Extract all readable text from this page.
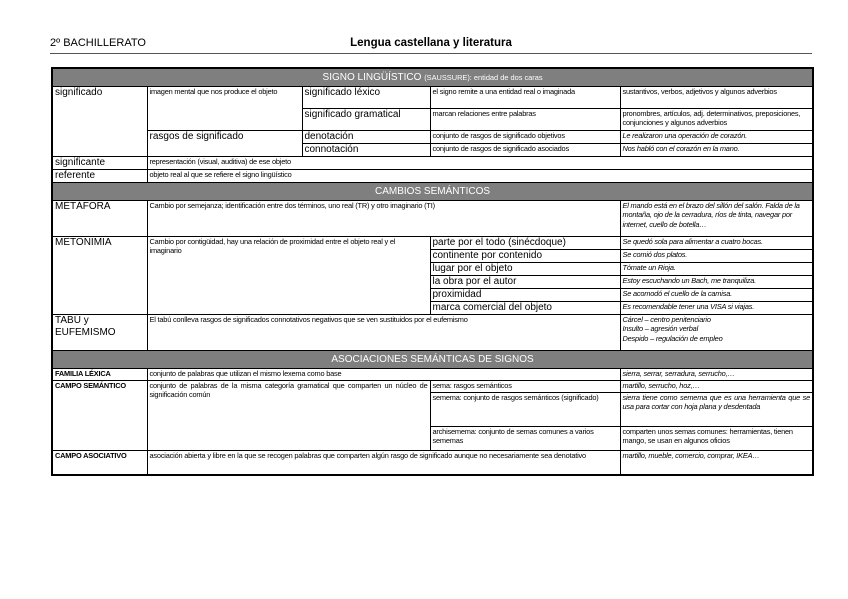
2º BACHILLERATO	Lengua castellana y literatura
SIGNO LINGÜÍSTICO (SAUSSURE): entidad de dos caras				
significado	imagen mental que nos produce el objeto	significado léxico	el signo remite a una entidad real o imaginada	sustantivos, verbos, adjetivos y algunos adverbios
		significado gramatical	marcan relaciones entre palabras	pronombres, artículos, adj. determinativos, preposiciones, conjunciones y algunos adverbios
	rasgos de significado	denotación	conjunto de rasgos de significado objetivos	Le realizaron una operación de corazón.
		connotación	conjunto de rasgos de significado asociados	Nos habló con el corazón en la mano.
significante	representación (visual, auditiva) de ese objeto			
referente	objeto real al que se refiere el signo lingüístico			
CAMBIOS SEMÁNTICOS				
METÁFORA	Cambio por semejanza; identificación entre dos términos, uno real (TR) y otro imaginario (TI)			El mando está en el brazo del sillón del salón. Falda de la montaña, ojo de la cerradura, ríos de tinta, navegar por internet, cuello de botella…
METONIMIA	Cambio por contigüidad, hay una relación de proximidad entre el objeto real y el imaginario		parte por el todo (sinécdoque)	Se quedó sola para alimentar a cuatro bocas.
			continente por contenido	Se comió dos platos.
			lugar por el objeto	Tómate un Rioja.
			la obra por el autor	Estoy escuchando un Bach, me tranquiliza.
			proximidad	Se acomodó el cuello de la camisa.
			marca comercial del objeto	Es recomendable tener una VISA si viajas.
TABÚ y EUFEMISMO	El tabú conlleva rasgos de significados connotativos negativos que se ven sustituidos por el eufemismo			Cárcel – centro penitenciario
Insulto – agresión verbal
Despido – regulación de empleo
ASOCIACIONES SEMÁNTICAS DE SIGNOS				
FAMILIA LÉXICA	conjunto de palabras que utilizan el mismo lexema como base			sierra, serrar, serradura, serrucho,…
CAMPO SEMÁNTICO	conjunto de palabras de la misma categoría gramatical que comparten un núcleo de significación común		sema: rasgos semánticos	martillo, serrucho, hoz,…
			semema: conjunto de rasgos semánticos (significado)	sierra tiene como semema que es una herramienta que se usa para cortar con hoja plana y desdentada
			archisemema: conjunto de semas comunes a varios sememas	comparten unos semas comunes: herramientas, tienen mango, se usan en algunos oficios
CAMPO ASOCIATIVO	asociación abierta y libre en la que se recogen palabras que comparten algún rasgo de significado aunque no necesariamente sea denotativo			martillo, mueble, comercio, comprar, IKEA…
